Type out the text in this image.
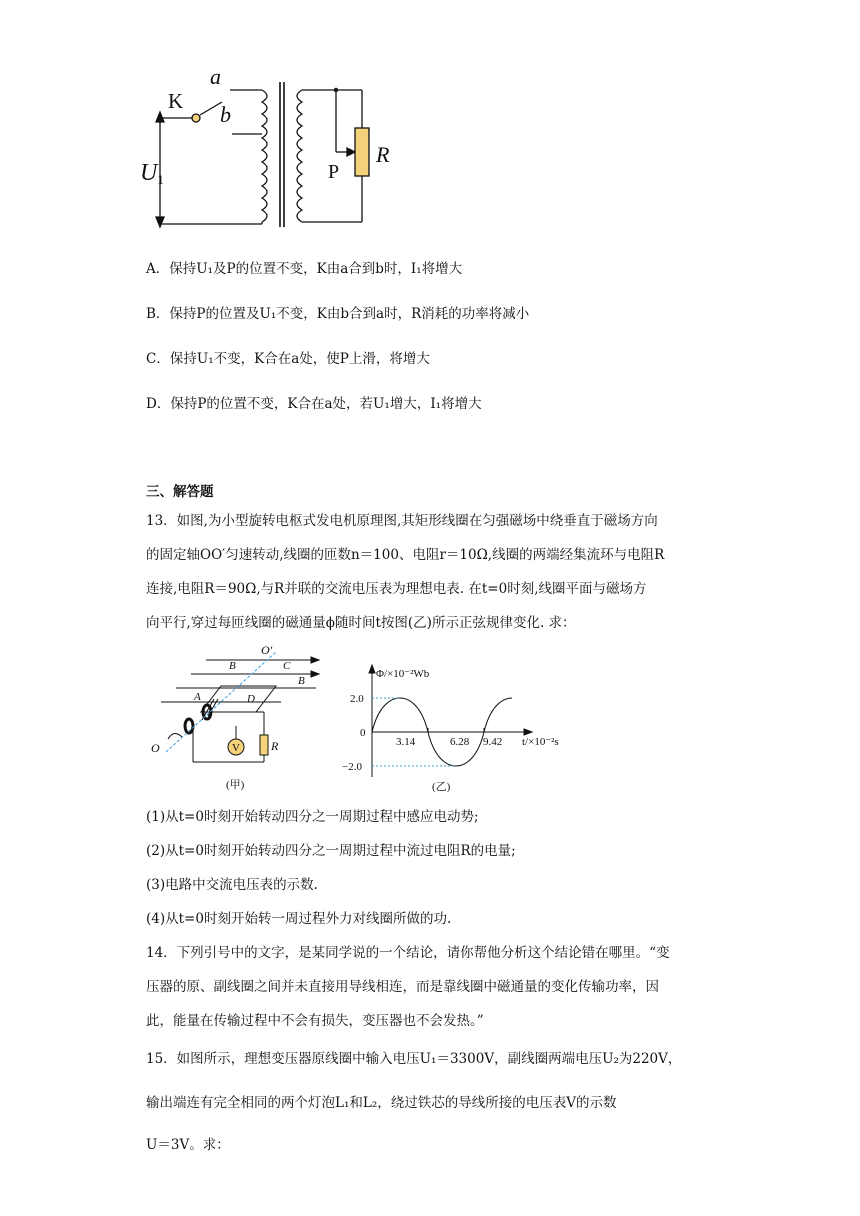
a
K
b
U1	P
R
A．保持U₁及P的位置不变，K由a合到b时，I₁将增大
B．保持P的位置及U₁不变，K由b合到a时，R消耗的功率将减小
C．保持U₁不变，K合在a处，使P上滑，将增大
D．保持P的位置不变，K合在a处，若U₁增大，I₁将增大
三、解答题
13．如图,为小型旋转电枢式发电机原理图,其矩形线圈在匀强磁场中绕垂直于磁场方向
的固定轴OO′匀速转动,线圈的匝数n＝100、电阻r＝10Ω,线圈的两端经集流环与电阻R
连接,电阻R＝90Ω,与R并联的交流电压表为理想电表. 在t=0时刻,线圈平面与磁场方
向平行,穿过每匝线圈的磁通量ϕ随时间t按图(乙)所示正弦规律变化. 求：
V
O′
B	C
B
A	D
O	R
(甲)
Φ/×10⁻²Wb
2.0
0
−2.0
3.14	6.28 9.42 t/×10⁻²s
(乙)
(1)从t=0时刻开始转动四分之一周期过程中感应电动势;
(2)从t=0时刻开始转动四分之一周期过程中流过电阻R的电量;
(3)电路中交流电压表的示数.
(4)从t=0时刻开始转一周过程外力对线圈所做的功.
14．下列引号中的文字，是某同学说的一个结论，请你帮他分析这个结论错在哪里。“变
压器的原、副线圈之间并未直接用导线相连，而是靠线圈中磁通量的变化传输功率，因
此，能量在传输过程中不会有损失，变压器也不会发热。”
15．如图所示，理想变压器原线圈中输入电压U₁＝3300V，副线圈两端电压U₂为220V，
输出端连有完全相同的两个灯泡L₁和L₂，绕过铁芯的导线所接的电压表V的示数
U＝3V。求：
